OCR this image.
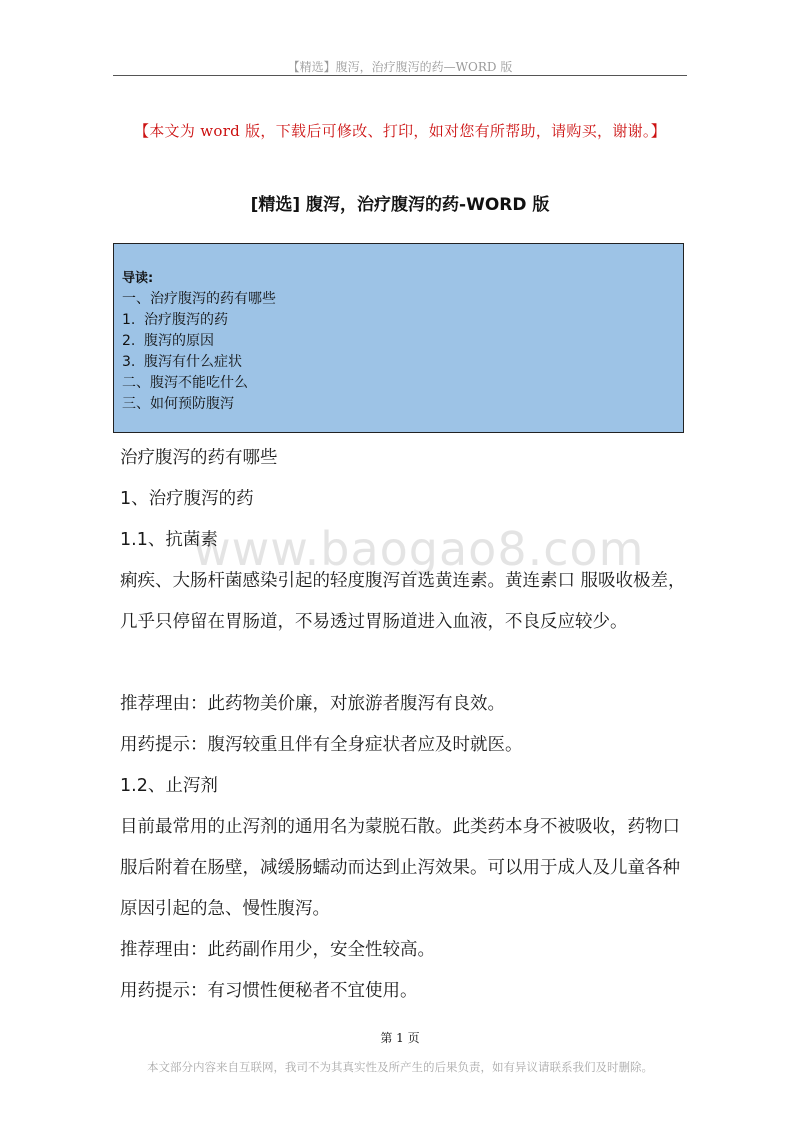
【精选】腹泻，治疗腹泻的药—WORD 版
【本文为 word 版，下载后可修改、打印，如对您有所帮助，请购买，谢谢。】
[精选] 腹泻，治疗腹泻的药-WORD 版
导读:
一、治疗腹泻的药有哪些
1. 治疗腹泻的药
2. 腹泻的原因
3. 腹泻有什么症状
二、腹泻不能吃什么
三、如何预防腹泻
www.baogao8.com
治疗腹泻的药有哪些
1、治疗腹泻的药
1.1、抗菌素
痢疾、大肠杆菌感染引起的轻度腹泻首选黄连素。黄连素口 服吸收极差，几乎只停留在胃肠道，不易透过胃肠道进入血液，不良反应较少。
推荐理由：此药物美价廉，对旅游者腹泻有良效。
用药提示：腹泻较重且伴有全身症状者应及时就医。
1.2、止泻剂
目前最常用的止泻剂的通用名为蒙脱石散。此类药本身不被吸收，药物口服后附着在肠壁，减缓肠蠕动而达到止泻效果。可以用于成人及儿童各种原因引起的急、慢性腹泻。
推荐理由：此药副作用少，安全性较高。
用药提示：有习惯性便秘者不宜使用。
第 1 页
本文部分内容来自互联网，我司不为其真实性及所产生的后果负责，如有异议请联系我们及时删除。
